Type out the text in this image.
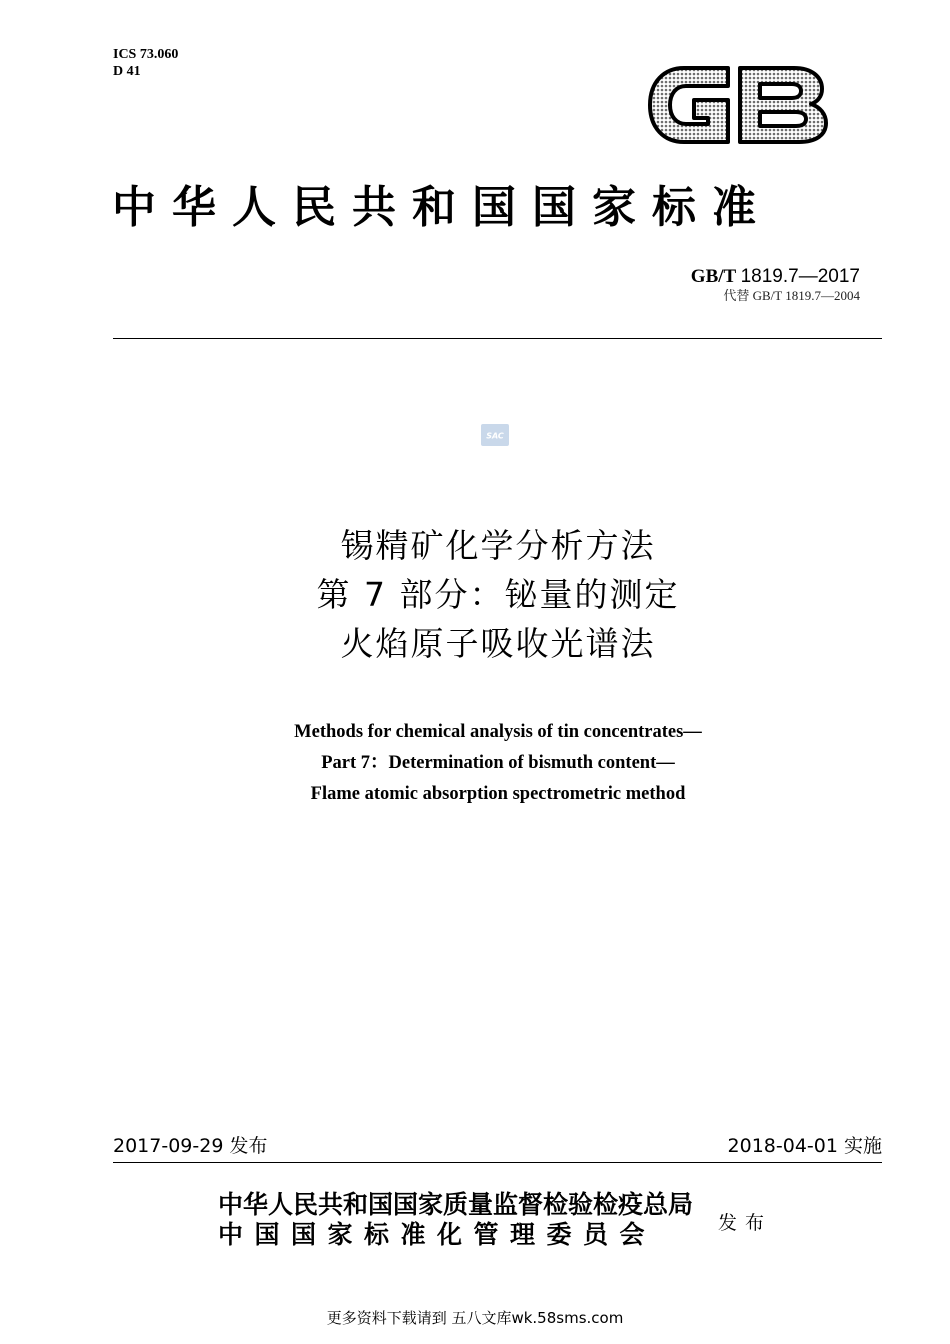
ICS 73.060
D 41
中华人民共和国国家标准
GB/T 1819.7—2017
代替 GB/T 1819.7—2004
SAC
锡精矿化学分析方法
第 7 部分：铋量的测定
火焰原子吸收光谱法
Methods for chemical analysis of tin concentrates—
Part 7：Determination of bismuth content—
Flame atomic absorption spectrometric method
2017-09-29 发布	2018-04-01 实施
中华人民共和国国家质量监督检验检疫总局
中国国家标准化管理委员会	发布
更多资料下载请到 五八文库wk.58sms.com
